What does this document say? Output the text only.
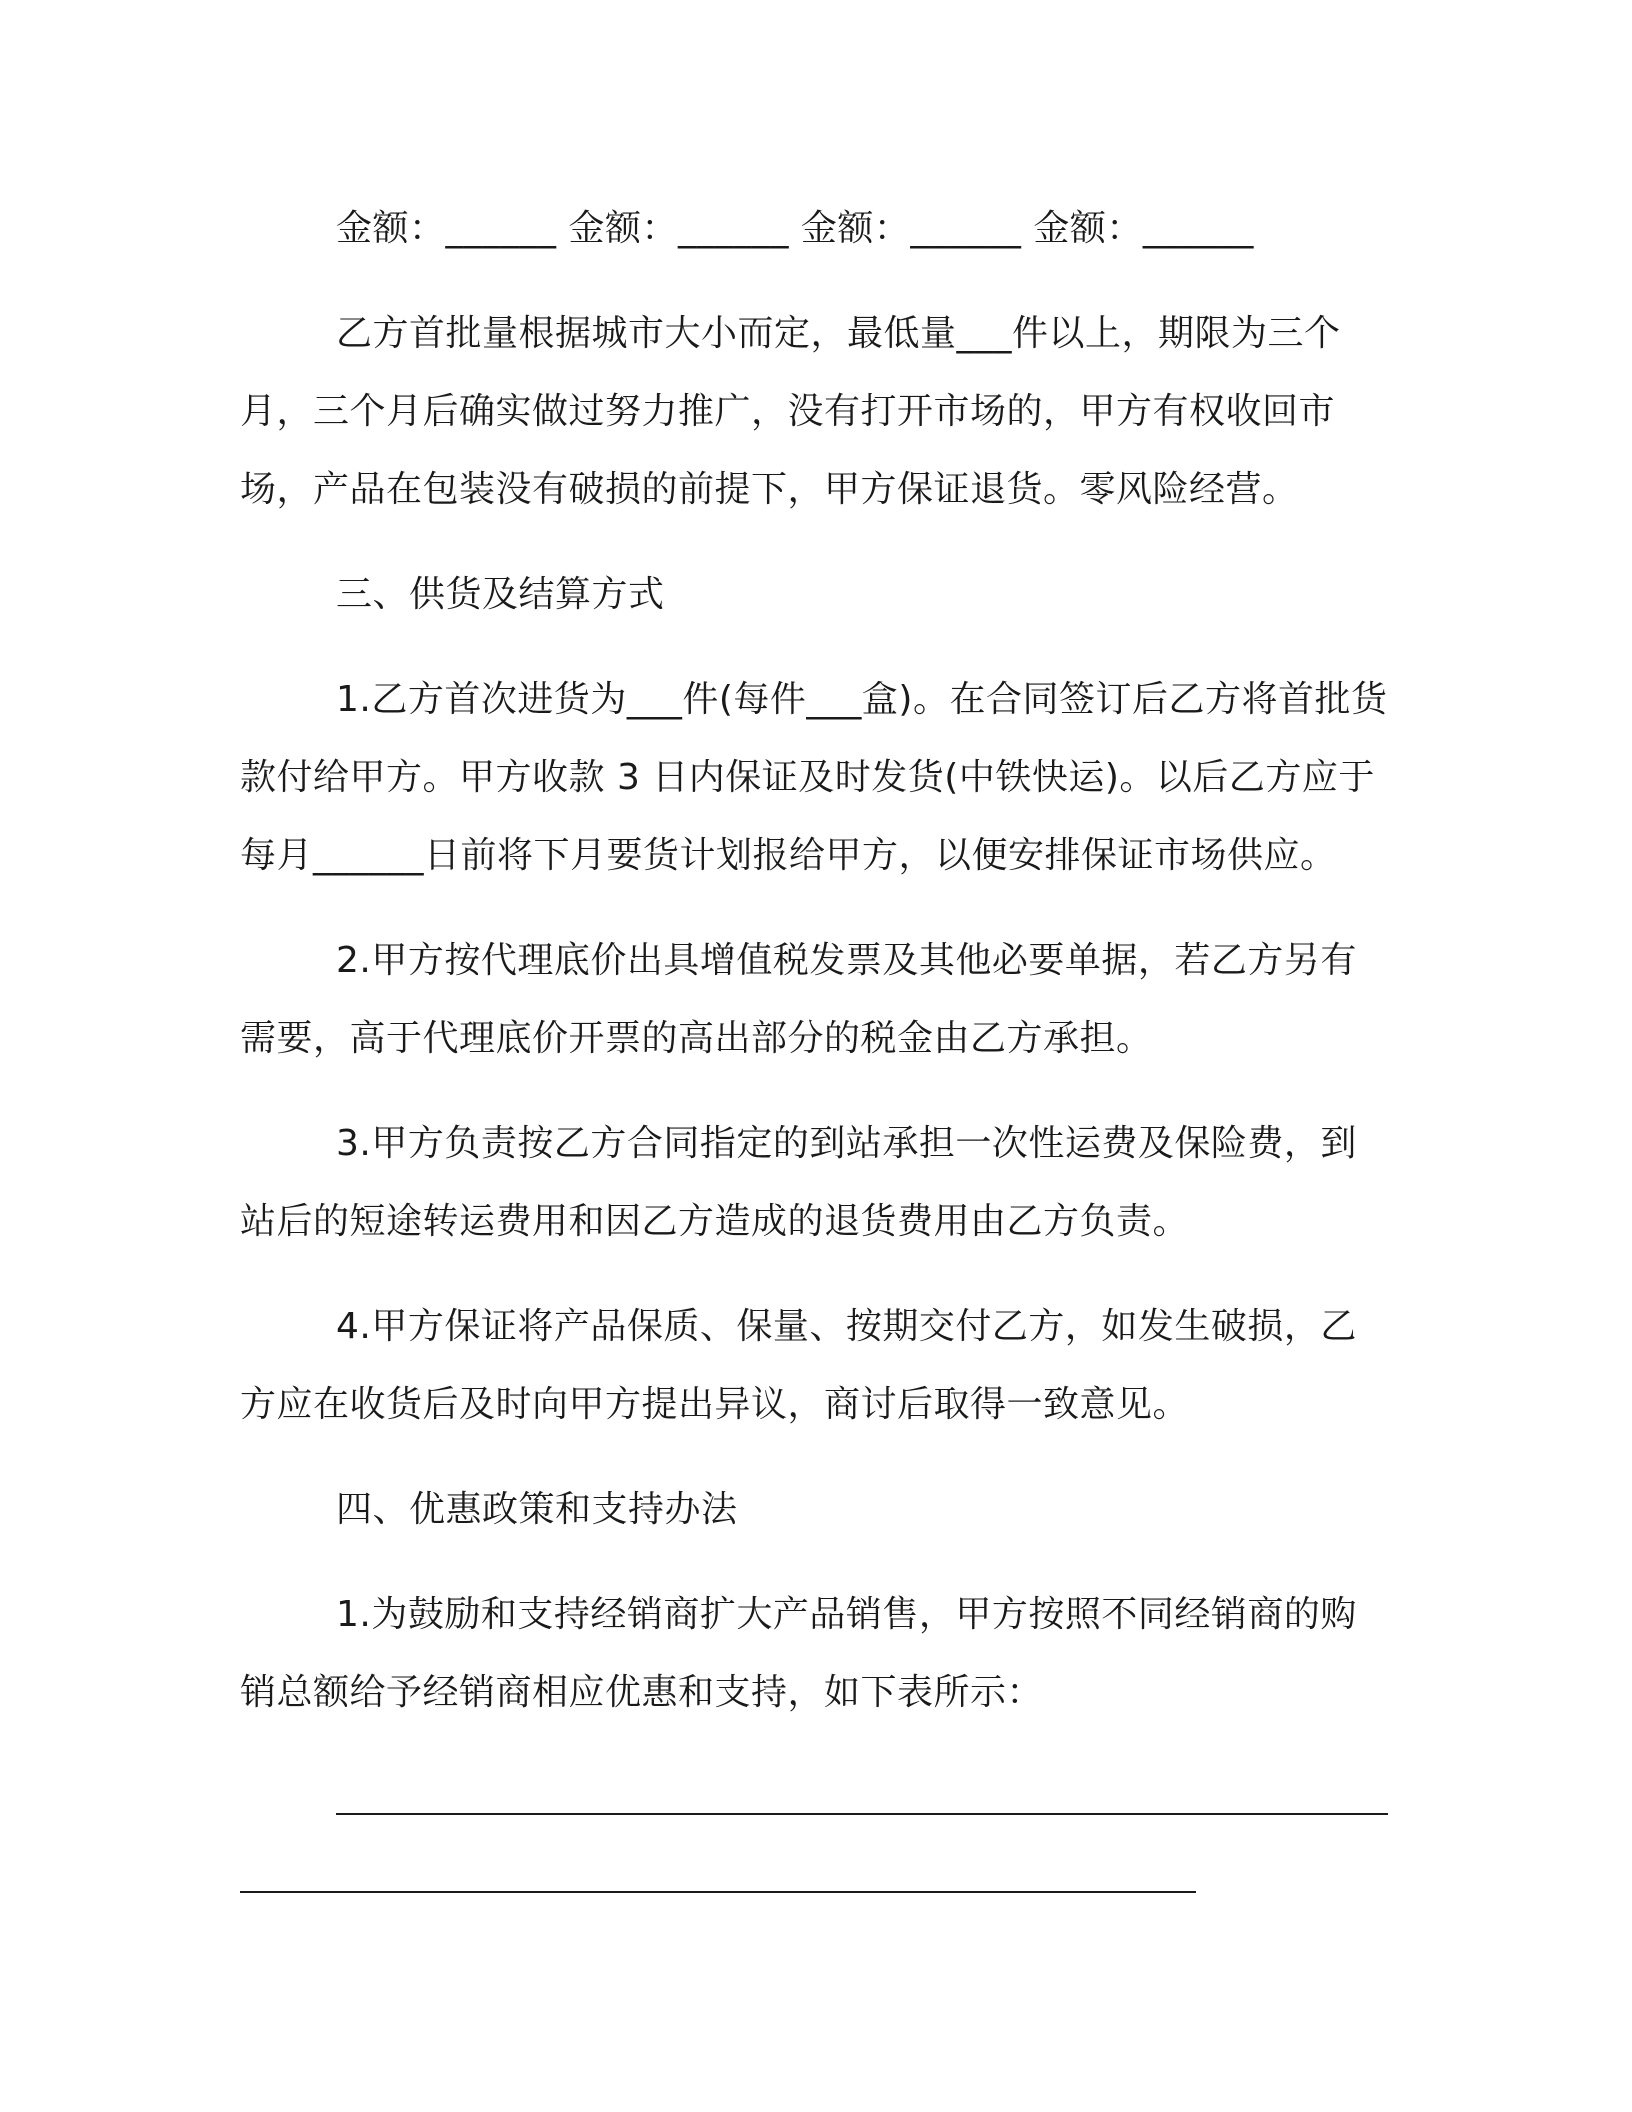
金额：______ 金额：______ 金额：______ 金额：______

乙方首批量根据城市大小而定，最低量___件以上，期限为三个月，三个月后确实做过努力推广，没有打开市场的，甲方有权收回市场，产品在包装没有破损的前提下，甲方保证退货。零风险经营。

三、供货及结算方式

1.乙方首次进货为___件(每件___盒)。在合同签订后乙方将首批货款付给甲方。甲方收款 3 日内保证及时发货(中铁快运)。以后乙方应于每月______日前将下月要货计划报给甲方，以便安排保证市场供应。

2.甲方按代理底价出具增值税发票及其他必要单据，若乙方另有需要，高于代理底价开票的高出部分的税金由乙方承担。

3.甲方负责按乙方合同指定的到站承担一次性运费及保险费，到站后的短途转运费用和因乙方造成的退货费用由乙方负责。

4.甲方保证将产品保质、保量、按期交付乙方，如发生破损，乙方应在收货后及时向甲方提出异议，商讨后取得一致意见。

四、优惠政策和支持办法

1.为鼓励和支持经销商扩大产品销售，甲方按照不同经销商的购销总额给予经销商相应优惠和支持，如下表所示：
